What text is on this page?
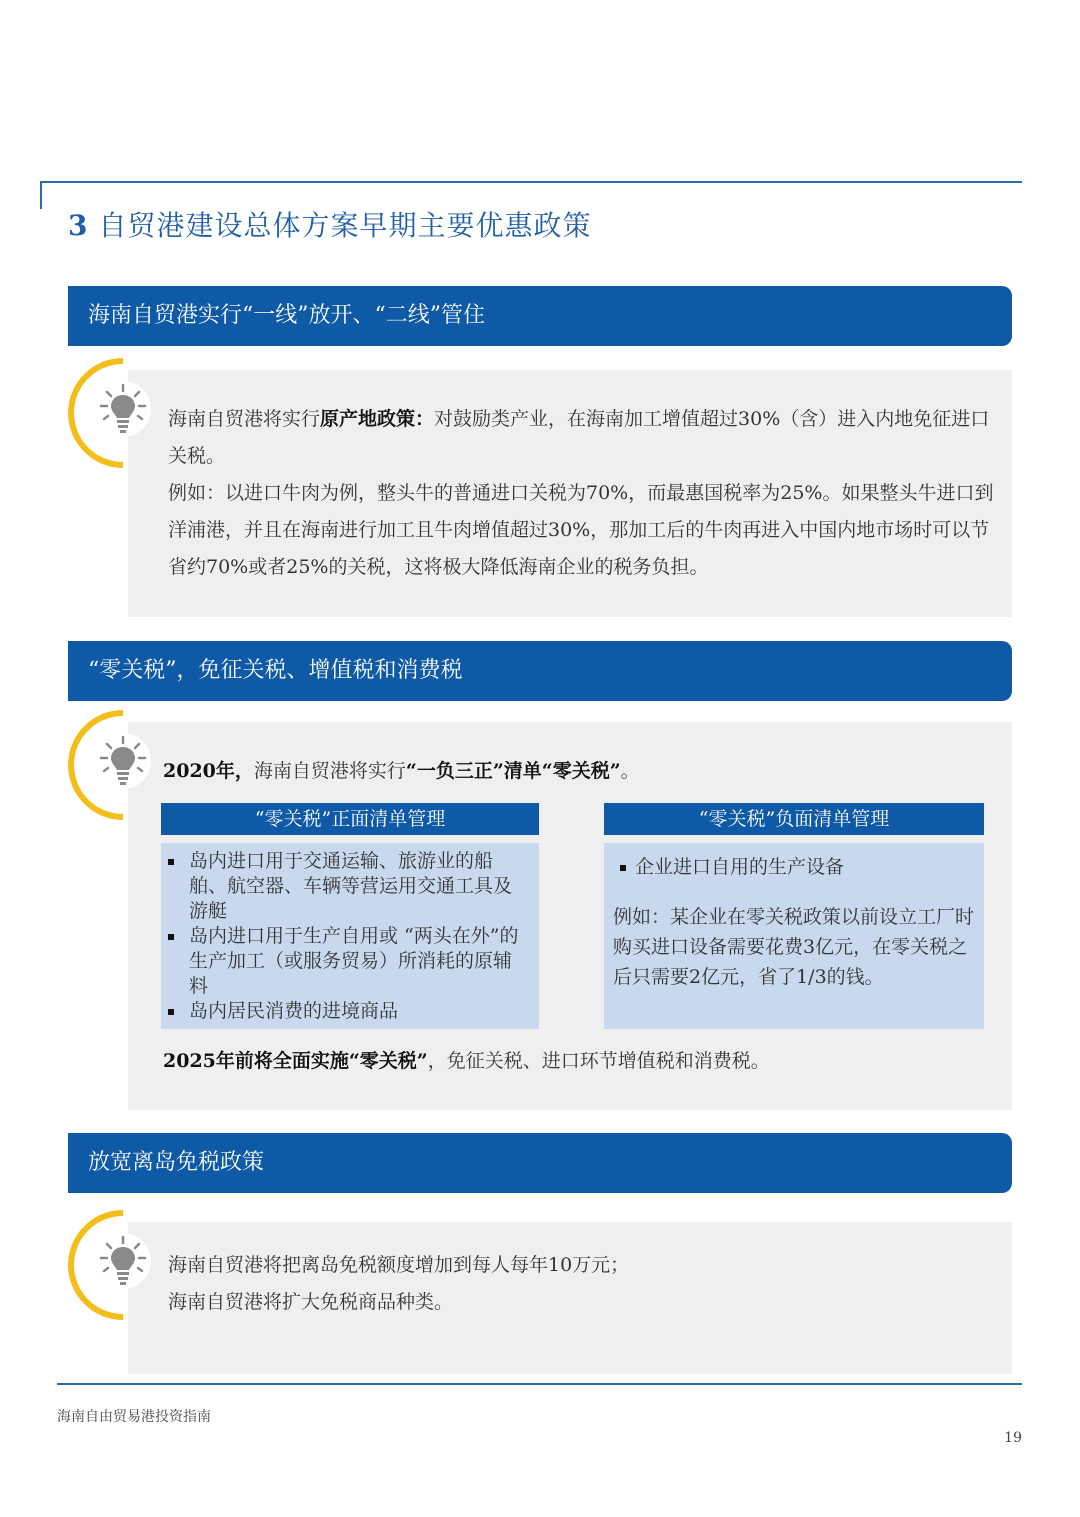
3 自贸港建设总体方案早期主要优惠政策
海南自贸港实行“一线”放开、“二线”管住

海南自贸港将实行原产地政策：对鼓励类产业，在海南加工增值超过30%（含）进入内地免征进口关税。

例如：以进口牛肉为例，整头牛的普通进口关税为70%，而最惠国税率为25%。如果整头牛进口到洋浦港，并且在海南进行加工且牛肉增值超过30%，那加工后的牛肉再进入中国内地市场时可以节省约70%或者25%的关税，这将极大降低海南企业的税务负担。

“零关税”，免征关税、增值税和消费税

2020年，海南自贸港将实行“一负三正”清单“零关税”。

“零关税”正面清单管理
岛内进口用于交通运输、旅游业的船舶、航空器、车辆等营运用交通工具及游艇
岛内进口用于生产自用或 “两头在外”的生产加工（或服务贸易）所消耗的原辅料
岛内居民消费的进境商品
“零关税”负面清单管理
企业进口自用的生产设备

例如：某企业在零关税政策以前设立工厂时购买进口设备需要花费3亿元，在零关税之后只需要2亿元，省了1/3的钱。

2025年前将全面实施“零关税”，免征关税、进口环节增值税和消费税。

放宽离岛免税政策

海南自贸港将把离岛免税额度增加到每人每年10万元；

海南自贸港将扩大免税商品种类。

海南自由贸易港投资指南
19
